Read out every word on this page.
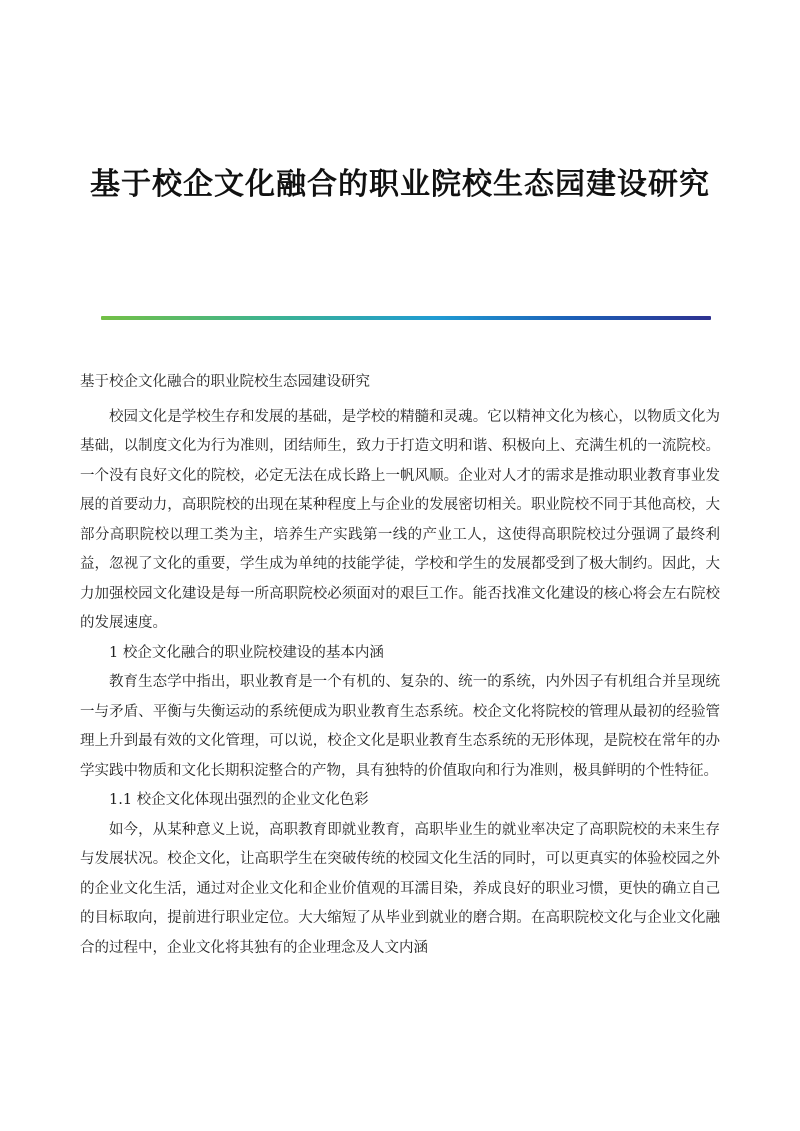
基于校企文化融合的职业院校生态园建设研究

基于校企文化融合的职业院校生态园建设研究

校园文化是学校生存和发展的基础，是学校的精髓和灵魂。它以精神文化为核心，以物质文化为基础，以制度文化为行为准则，团结师生，致力于打造文明和谐、积极向上、充满生机的一流院校。一个没有良好文化的院校，必定无法在成长路上一帆风顺。企业对人才的需求是推动职业教育事业发展的首要动力，高职院校的出现在某种程度上与企业的发展密切相关。职业院校不同于其他高校，大部分高职院校以理工类为主，培养生产实践第一线的产业工人，这使得高职院校过分强调了最终利益，忽视了文化的重要，学生成为单纯的技能学徒，学校和学生的发展都受到了极大制约。因此，大力加强校园文化建设是每一所高职院校必须面对的艰巨工作。能否找准文化建设的核心将会左右院校的发展速度。

1 校企文化融合的职业院校建设的基本内涵

教育生态学中指出，职业教育是一个有机的、复杂的、统一的系统，内外因子有机组合并呈现统一与矛盾、平衡与失衡运动的系统便成为职业教育生态系统。校企文化将院校的管理从最初的经验管理上升到最有效的文化管理，可以说，校企文化是职业教育生态系统的无形体现，是院校在常年的办学实践中物质和文化长期积淀整合的产物，具有独特的价值取向和行为准则，极具鲜明的个性特征。

1.1 校企文化体现出强烈的企业文化色彩

如今，从某种意义上说，高职教育即就业教育，高职毕业生的就业率决定了高职院校的未来生存与发展状况。校企文化，让高职学生在突破传统的校园文化生活的同时，可以更真实的体验校园之外的企业文化生活，通过对企业文化和企业价值观的耳濡目染，养成良好的职业习惯，更快的确立自己的目标取向，提前进行职业定位。大大缩短了从毕业到就业的磨合期。在高职院校文化与企业文化融合的过程中，企业文化将其独有的企业理念及人文内涵
